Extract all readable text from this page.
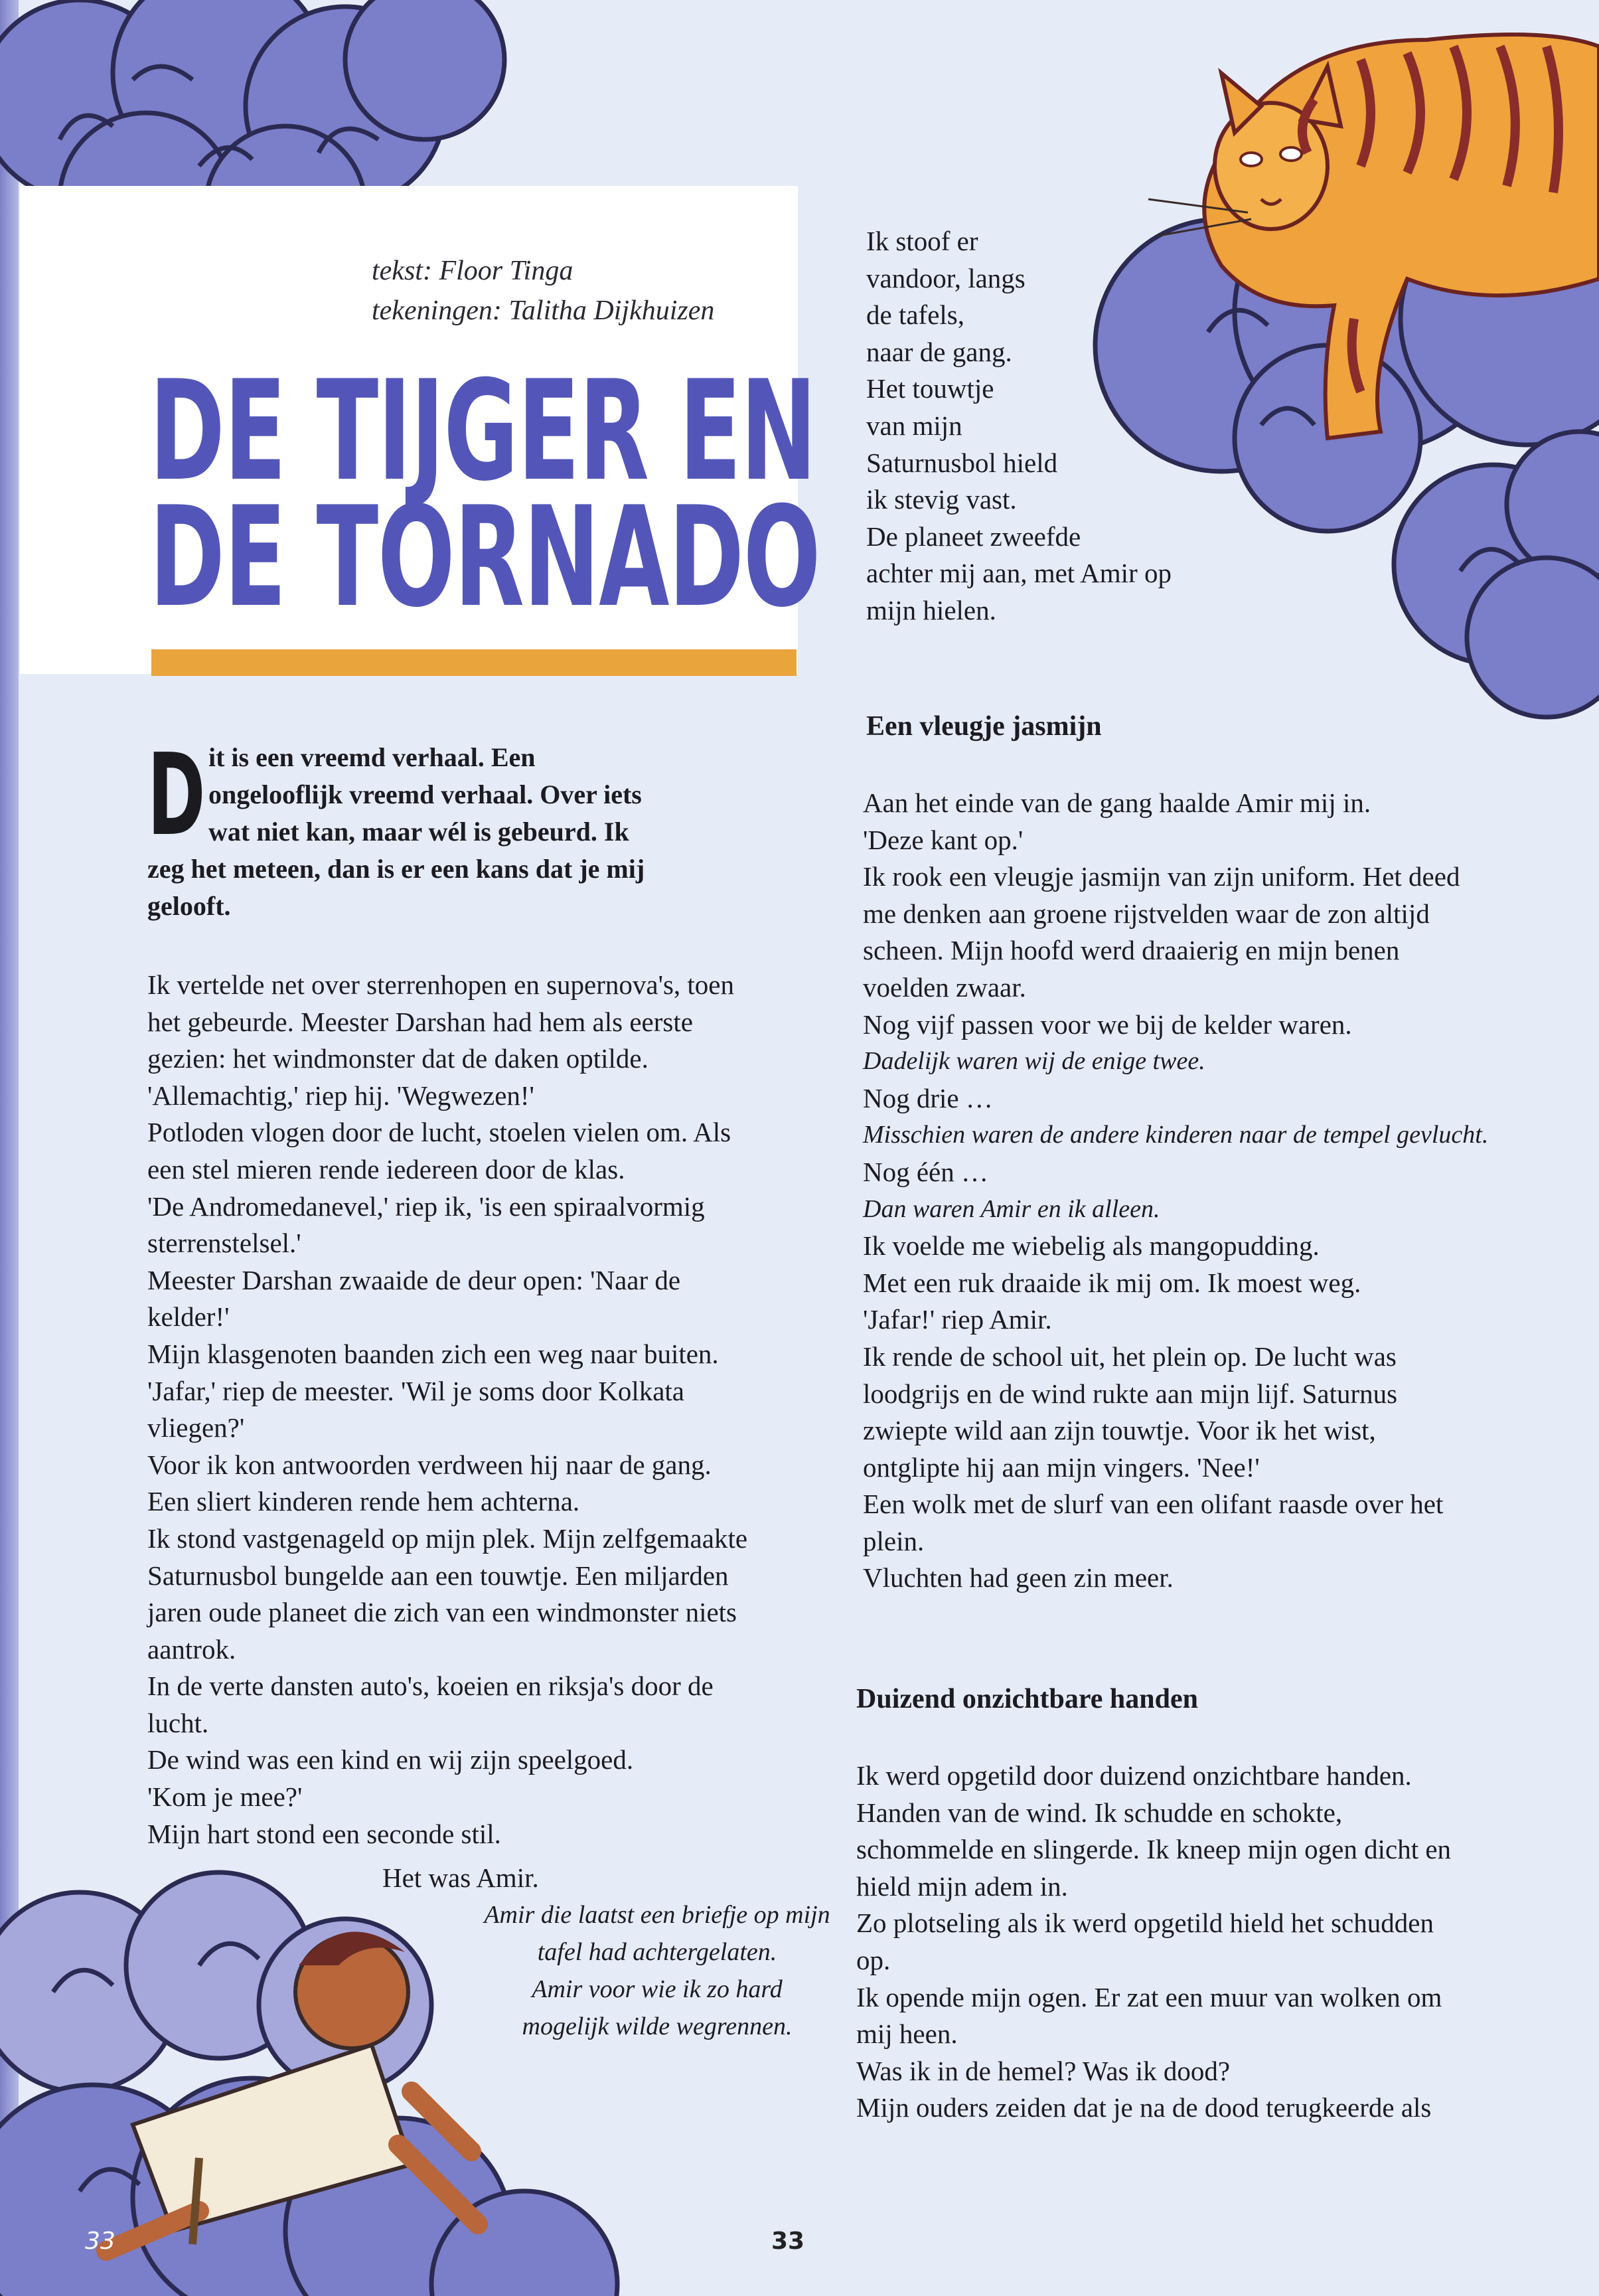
tekst: Floor Tinga
tekeningen: Talitha Dijkhuizen
DE TIJGER EN
DE TORNADO
D it is een vreemd verhaal. Een
ongelooflijk vreemd verhaal. Over iets
wat niet kan, maar wél is gebeurd. Ik
zeg het meteen, dan is er een kans dat je mij
gelooft.

Ik vertelde net over sterrenhopen en supernova's, toen

het gebeurde. Meester Darshan had hem als eerste

gezien: het windmonster dat de daken optilde.

'Allemachtig,' riep hij. 'Wegwezen!'

Potloden vlogen door de lucht, stoelen vielen om. Als

een stel mieren rende iedereen door de klas.

'De Andromedanevel,' riep ik, 'is een spiraalvormig

sterrenstelsel.'

Meester Darshan zwaaide de deur open: 'Naar de

kelder!'

Mijn klasgenoten baanden zich een weg naar buiten.

'Jafar,' riep de meester. 'Wil je soms door Kolkata

vliegen?'

Voor ik kon antwoorden verdween hij naar de gang.

Een sliert kinderen rende hem achterna.

Ik stond vastgenageld op mijn plek. Mijn zelfgemaakte

Saturnusbol bungelde aan een touwtje. Een miljarden

jaren oude planeet die zich van een windmonster niets

aantrok.

In de verte dansten auto's, koeien en riksja's door de

lucht.

De wind was een kind en wij zijn speelgoed.

'Kom je mee?'

Mijn hart stond een seconde stil.

Het was Amir.

Amir die laatst een briefje op mijn

tafel had achtergelaten.

Amir voor wie ik zo hard

mogelijk wilde wegrennen.

Ik stoof er

vandoor, langs

de tafels,

naar de gang.

Het touwtje

van mijn

Saturnusbol hield

ik stevig vast.

De planeet zweefde

achter mij aan, met Amir op

mijn hielen.

Een vleugje jasmijn

Aan het einde van de gang haalde Amir mij in.

'Deze kant op.'

Ik rook een vleugje jasmijn van zijn uniform. Het deed

me denken aan groene rijstvelden waar de zon altijd

scheen. Mijn hoofd werd draaierig en mijn benen

voelden zwaar.

Nog vijf passen voor we bij de kelder waren.

Dadelijk waren wij de enige twee.

Nog drie …

Misschien waren de andere kinderen naar de tempel gevlucht.

Nog één …

Dan waren Amir en ik alleen.

Ik voelde me wiebelig als mangopudding.

Met een ruk draaide ik mij om. Ik moest weg.

'Jafar!' riep Amir.

Ik rende de school uit, het plein op. De lucht was

loodgrijs en de wind rukte aan mijn lijf. Saturnus

zwiepte wild aan zijn touwtje. Voor ik het wist,

ontglipte hij aan mijn vingers. 'Nee!'

Een wolk met de slurf van een olifant raasde over het

plein.

Vluchten had geen zin meer.

Duizend onzichtbare handen

Ik werd opgetild door duizend onzichtbare handen.

Handen van de wind. Ik schudde en schokte,

schommelde en slingerde. Ik kneep mijn ogen dicht en

hield mijn adem in.

Zo plotseling als ik werd opgetild hield het schudden

op.

Ik opende mijn ogen. Er zat een muur van wolken om

mij heen.

Was ik in de hemel? Was ik dood?

Mijn ouders zeiden dat je na de dood terugkeerde als

33	33
